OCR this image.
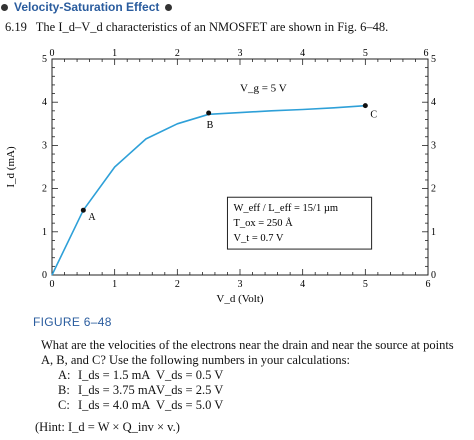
Velocity-Saturation Effect
6.19 The I_d–V_d characteristics of an NMOSFET are shown in Fig. 6–48.
0	1	2	3	4	5	6
0	1	2	3	4	5	6
0
1
2
3
4
5
0
1
2
3
4
5
V_d (Volt)
I_d (mA)
A
B
C
V_g = 5 V
W_eff / L_eff = 15/1 µm
T_ox = 250 Å
V_t = 0.7 V
FIGURE 6–48
What are the velocities of the electrons near the drain and near the source at points A, B, and C? Use the following numbers in your calculations:
A: I_ds = 1.5 mA V_ds = 0.5 V
B: I_ds = 3.75 mA V_ds = 2.5 V
C: I_ds = 4.0 mA V_ds = 5.0 V
(Hint: I_d = W × Q_inv × v.)
